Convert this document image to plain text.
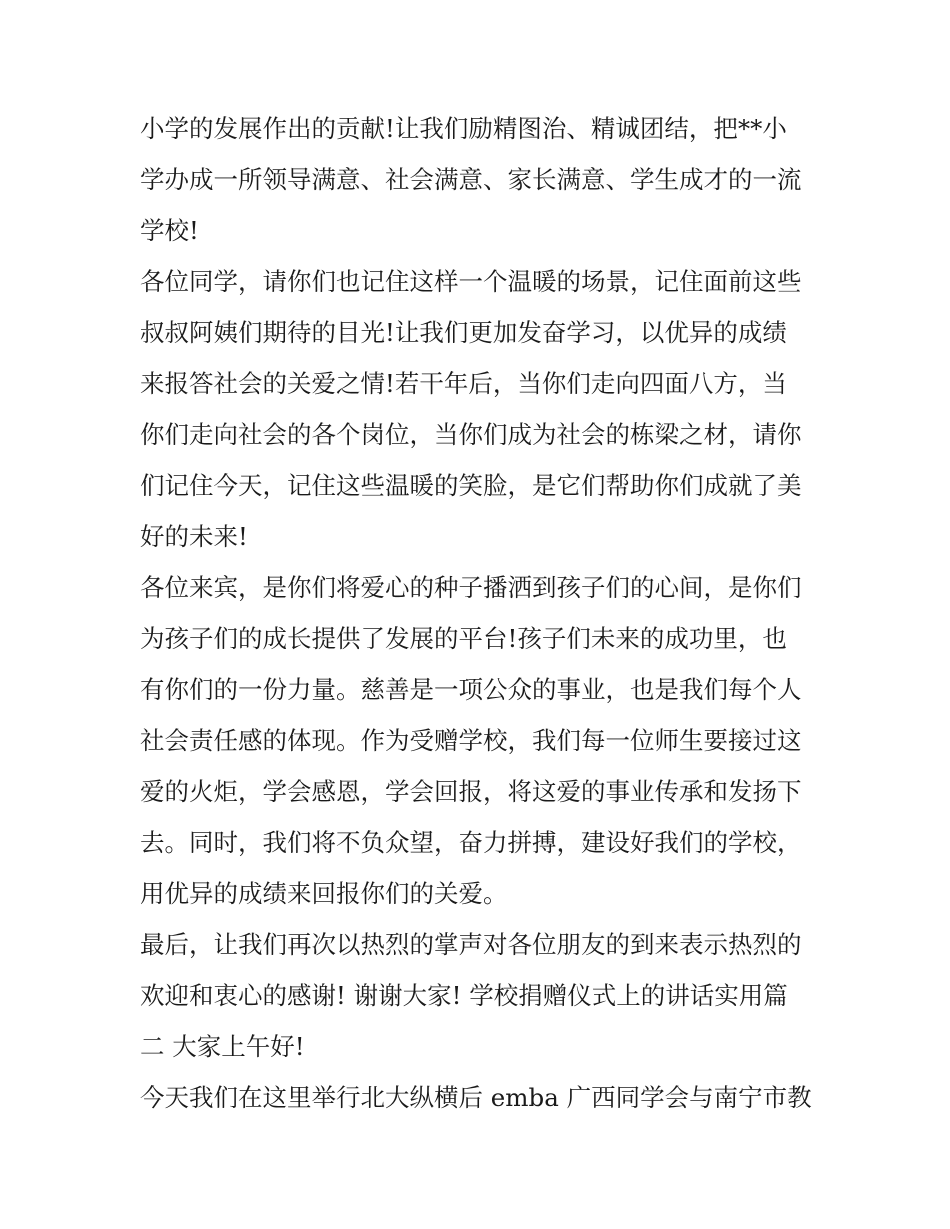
小学的发展作出的贡献!让我们励精图治、精诚团结，把**小
学办成一所领导满意、社会满意、家长满意、学生成才的一流
学校!
各位同学，请你们也记住这样一个温暖的场景，记住面前这些
叔叔阿姨们期待的目光!让我们更加发奋学习，以优异的成绩
来报答社会的关爱之情!若干年后，当你们走向四面八方，当
你们走向社会的各个岗位，当你们成为社会的栋梁之材，请你
们记住今天，记住这些温暖的笑脸，是它们帮助你们成就了美
好的未来!
各位来宾，是你们将爱心的种子播洒到孩子们的心间，是你们
为孩子们的成长提供了发展的平台!孩子们未来的成功里，也
有你们的一份力量。慈善是一项公众的事业，也是我们每个人
社会责任感的体现。作为受赠学校，我们每一位师生要接过这
爱的火炬，学会感恩，学会回报，将这爱的事业传承和发扬下
去。同时，我们将不负众望，奋力拼搏，建设好我们的学校，
用优异的成绩来回报你们的关爱。
最后，让我们再次以热烈的掌声对各位朋友的到来表示热烈的
欢迎和衷心的感谢! 谢谢大家! 学校捐赠仪式上的讲话实用篇
二 大家上午好!
今天我们在这里举行北大纵横后 emba 广西同学会与南宁市教
